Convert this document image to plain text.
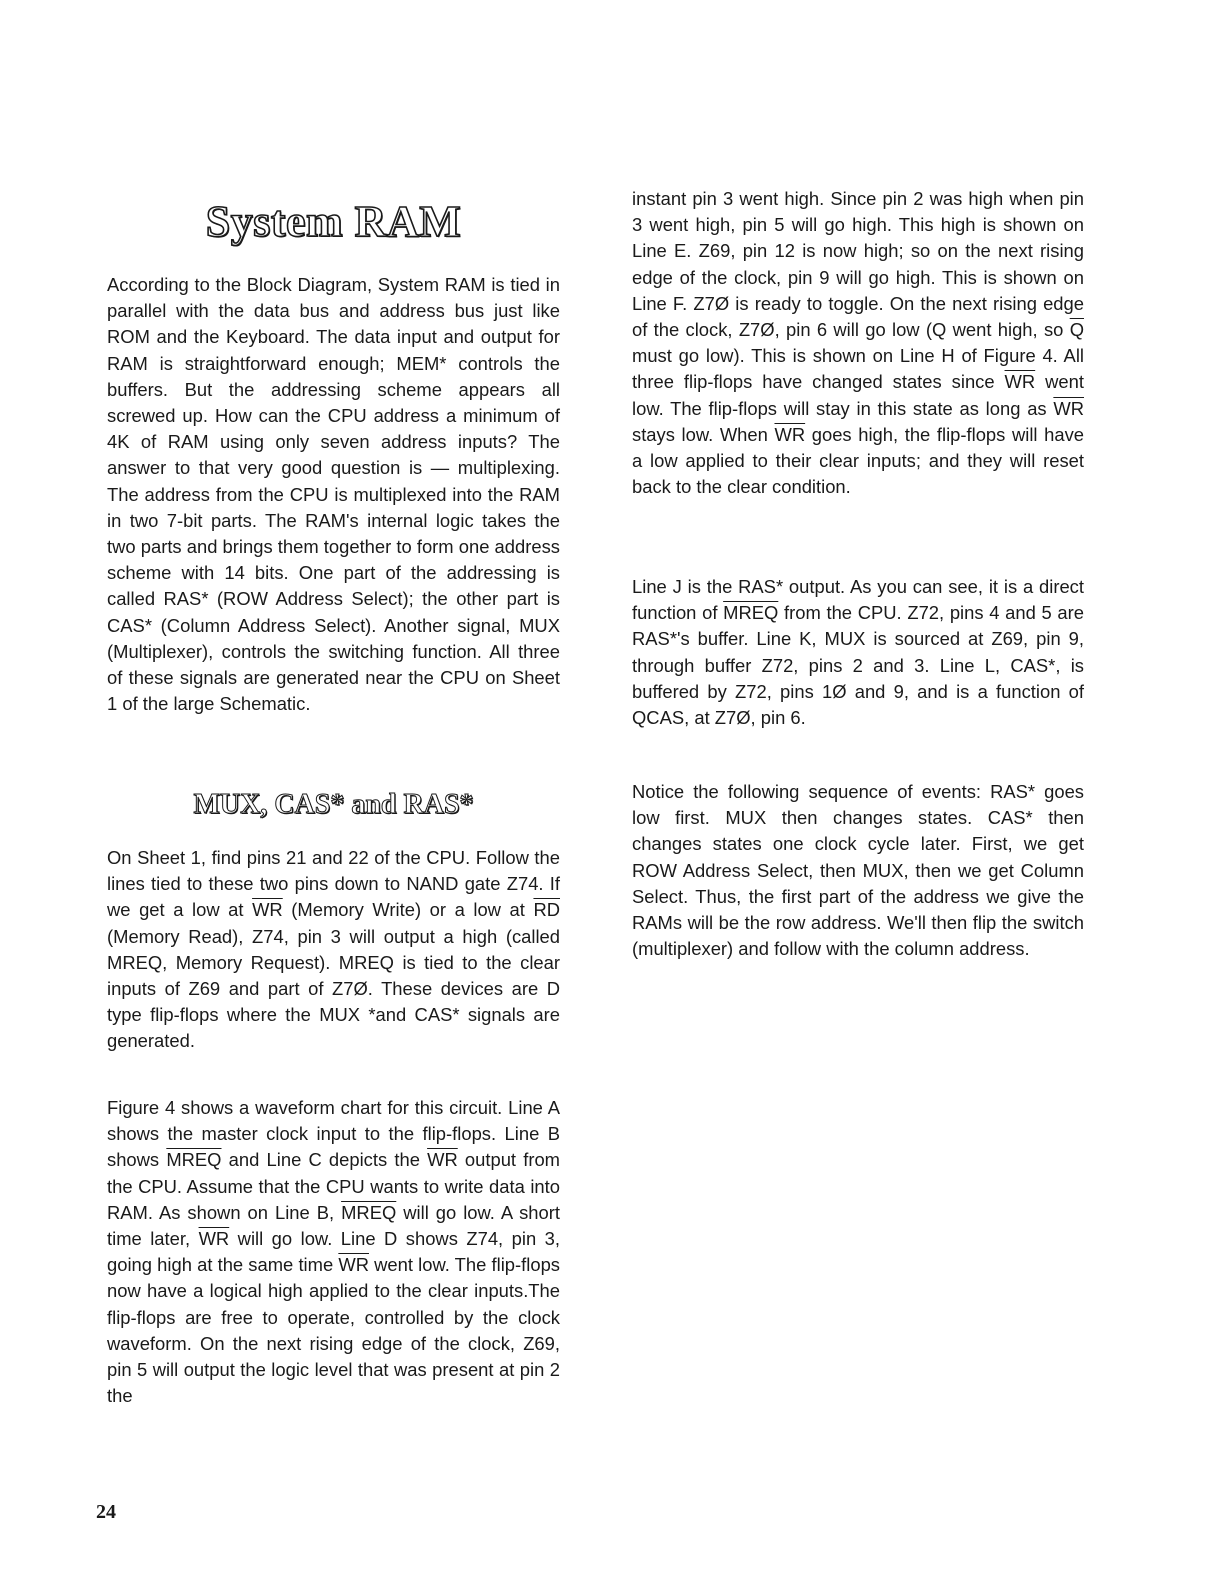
System RAM

According to the Block Diagram, System RAM is tied in parallel with the data bus and address bus just like ROM and the Keyboard. The data input and output for RAM is straightforward enough; MEM* controls the buffers. But the addressing scheme appears all screwed up. How can the CPU address a minimum of 4K of RAM using only seven address inputs? The answer to that very good question is — multiplexing. The address from the CPU is multiplexed into the RAM in two 7-bit parts. The RAM's internal logic takes the two parts and brings them together to form one address scheme with 14 bits. One part of the addressing is called RAS* (ROW Address Select); the other part is CAS* (Column Address Select). Another signal, MUX (Multiplexer), controls the switching function. All three of these signals are generated near the CPU on Sheet 1 of the large Schematic.

MUX, CAS* and RAS*

On Sheet 1, find pins 21 and 22 of the CPU. Follow the lines tied to these two pins down to NAND gate Z74. If we get a low at $\overline{WR}$ (Memory Write) or a low at $\overline{RD}$ (Memory Read), Z74, pin 3 will output a high (called MREQ, Memory Request). MREQ is tied to the clear inputs of Z69 and part of Z7Ø. These devices are D type flip-flops where the MUX *and CAS* signals are generated.

Figure 4 shows a waveform chart for this circuit. Line A shows the master clock input to the flip-flops. Line B shows MREQ and Line C depicts the $\overline{WR}$ output from the CPU. Assume that the CPU wants to write data into RAM. As shown on Line B, MREQ will go low. A short time later, $\overline{WR}$ will go low. Line D shows Z74, pin 3, going high at the same time $\overline{WR}$ went low. The flip-flops now have a logical high applied to the clear inputs.The flip-flops are free to operate, controlled by the clock waveform. On the next rising edge of the clock, Z69, pin 5 will output the logic level that was present at pin 2 the

instant pin 3 went high. Since pin 2 was high when pin 3 went high, pin 5 will go high. This high is shown on Line E. Z69, pin 12 is now high; so on the next rising edge of the clock, pin 9 will go high. This is shown on Line F. Z7Ø is ready to toggle. On the next rising edge of the clock, Z7Ø, pin 6 will go low (Q went high, so $\overline{Q}$ must go low). This is shown on Line H of Figure 4. All three flip-flops have changed states since $\overline{WR}$ went low. The flip-flops will stay in this state as long as $\overline{WR}$ stays low. When $\overline{WR}$ goes high, the flip-flops will have a low applied to their clear inputs; and they will reset back to the clear condition.

Line J is the RAS* output. As you can see, it is a direct function of MREQ from the CPU. Z72, pins 4 and 5 are RAS*'s buffer. Line K, MUX is sourced at Z69, pin 9, through buffer Z72, pins 2 and 3. Line L, CAS*, is buffered by Z72, pins 1Ø and 9, and is a function of QCAS, at Z7Ø, pin 6.

Notice the following sequence of events: RAS* goes low first. MUX then changes states. CAS* then changes states one clock cycle later. First, we get ROW Address Select, then MUX, then we get Column Select. Thus, the first part of the address we give the RAMs will be the row address. We'll then flip the switch (multiplexer) and follow with the column address.

24
